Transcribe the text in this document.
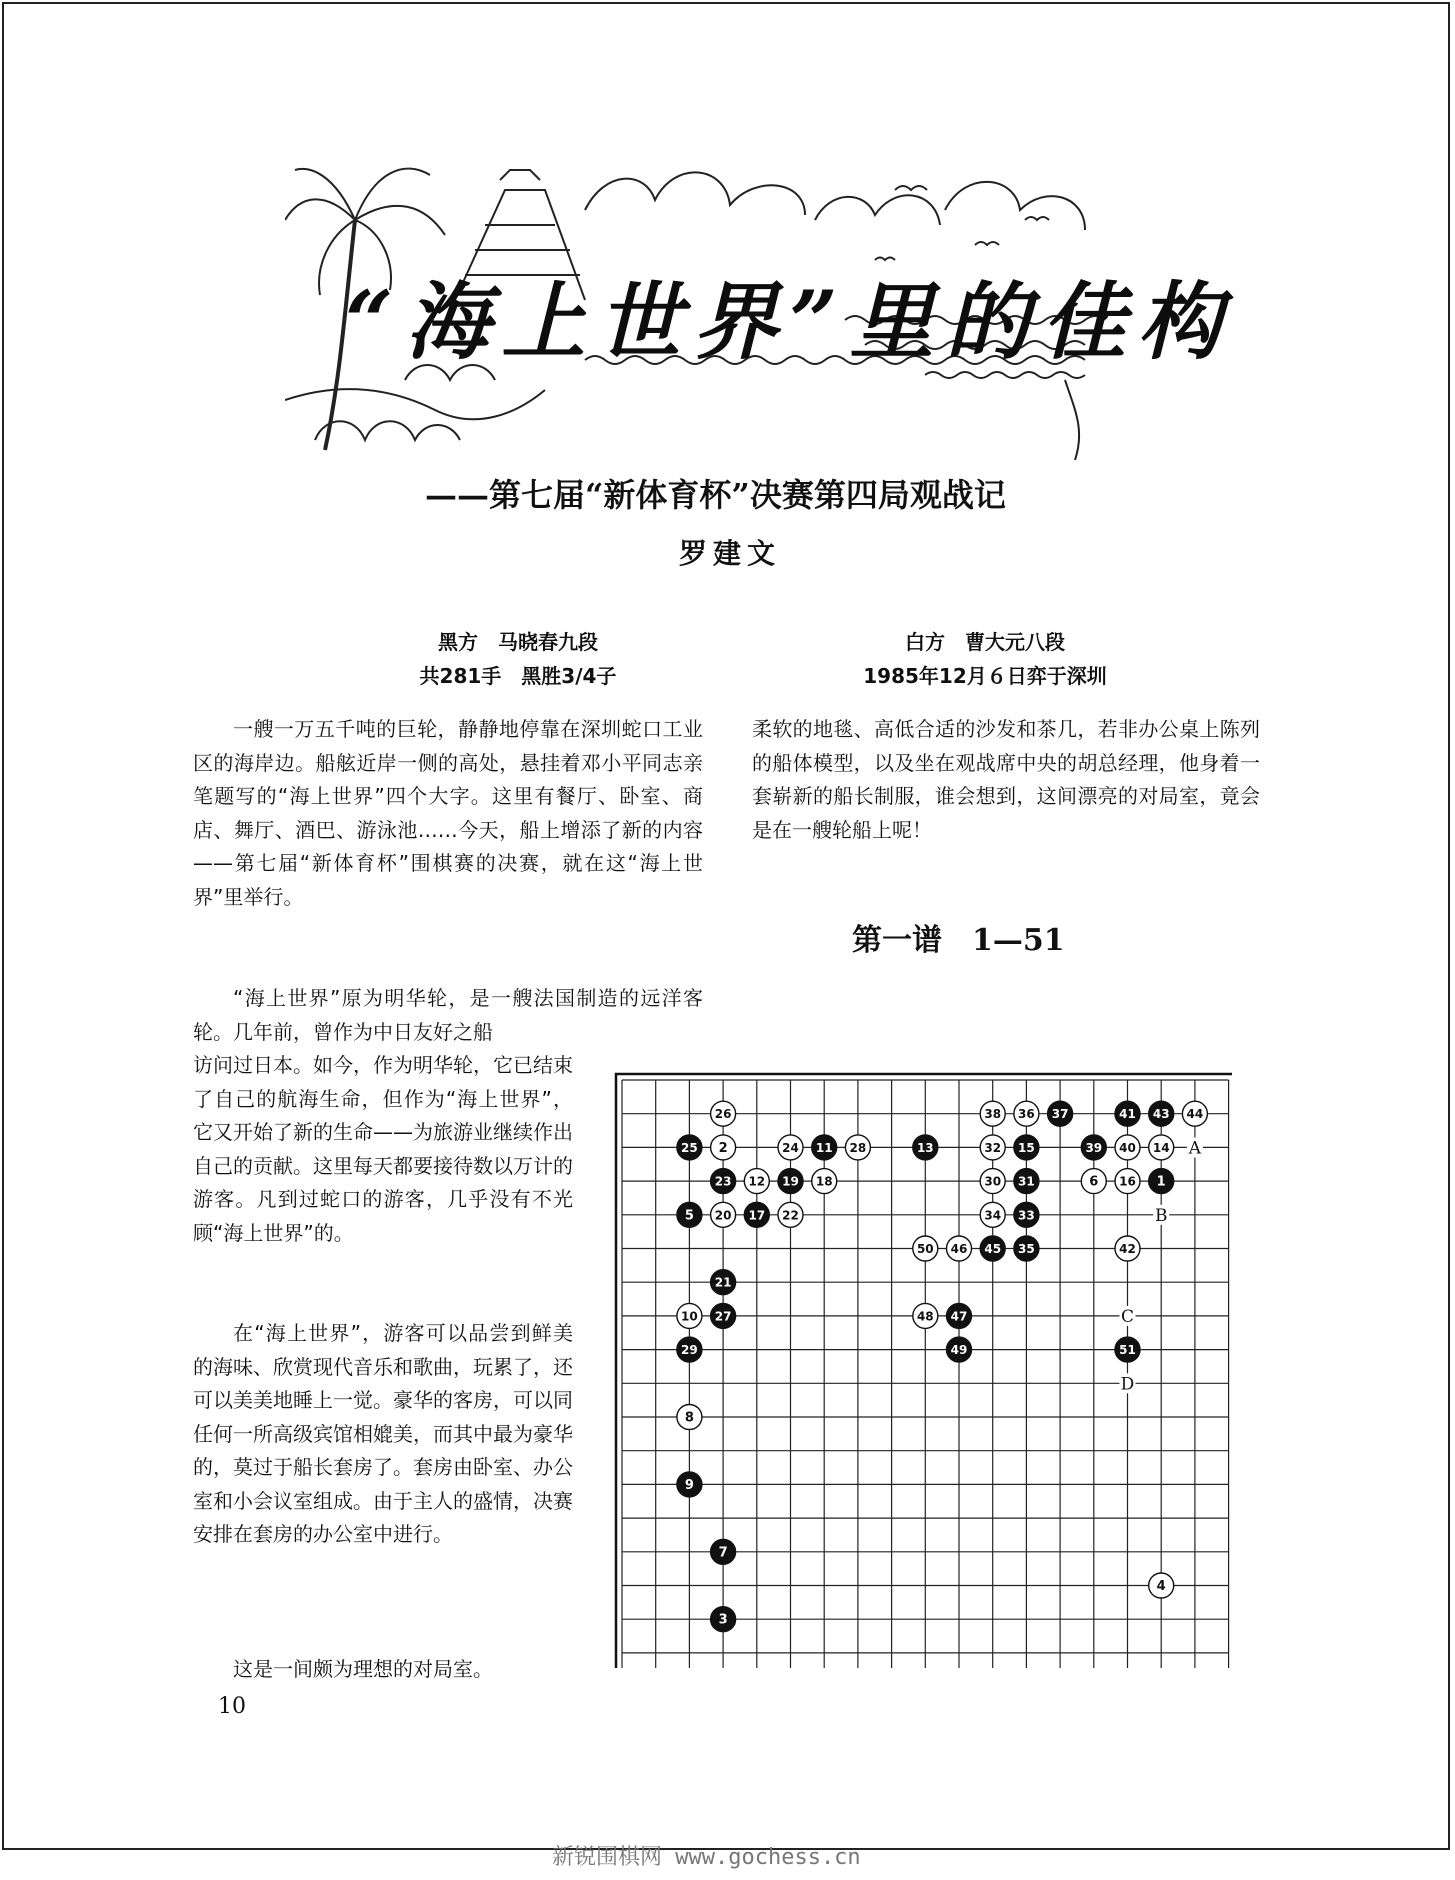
“海上世界”里的佳构
——第七届“新体育杯”决赛第四局观战记
罗建文
黑方　马晓春九段
共281手　黑胜3/4子
白方　曹大元八段
1985年12月６日弈于深圳

一艘一万五千吨的巨轮，静静地停靠在深圳蛇口工业区的海岸边。船舷近岸一侧的高处，悬挂着邓小平同志亲笔题写的“海上世界”四个大字。这里有餐厅、卧室、商店、舞厅、酒巴、游泳池……今天，船上增添了新的内容——第七届“新体育杯”围棋赛的决赛，就在这“海上世界”里举行。

“海上世界”原为明华轮，是一艘法国制造的远洋客轮。几年前，曾作为中日友好之船

访问过日本。如今，作为明华轮，它已结束了自己的航海生命，但作为“海上世界”，它又开始了新的生命——为旅游业继续作出自己的贡献。这里每天都要接待数以万计的游客。凡到过蛇口的游客，几乎没有不光顾“海上世界”的。

在“海上世界”，游客可以品尝到鲜美的海味、欣赏现代音乐和歌曲，玩累了，还可以美美地睡上一觉。豪华的客房，可以同任何一所高级宾馆相媲美，而其中最为豪华的，莫过于船长套房了。套房由卧室、办公室和小会议室组成。由于主人的盛情，决赛安排在套房的办公室中进行。

这是一间颇为理想的对局室。

柔软的地毯、高低合适的沙发和茶几，若非办公桌上陈列的船体模型，以及坐在观战席中央的胡总经理，他身着一套崭新的船长制服，谁会想到，这间漂亮的对局室，竟会是在一艘轮船上呢！

第一谱　1—51
A
B
C
D
1
2
3
4
5
6
7
8
9
10
11
12
13	14
15
16
17
18
19
20
21
22
23
24
25
26
27
28
29
30 31
32
33
34
35
36 37
38
39 40
41
42
43 44
45
46
47
48
49
50
51
10
新锐围棋网 www.gochess.cn
